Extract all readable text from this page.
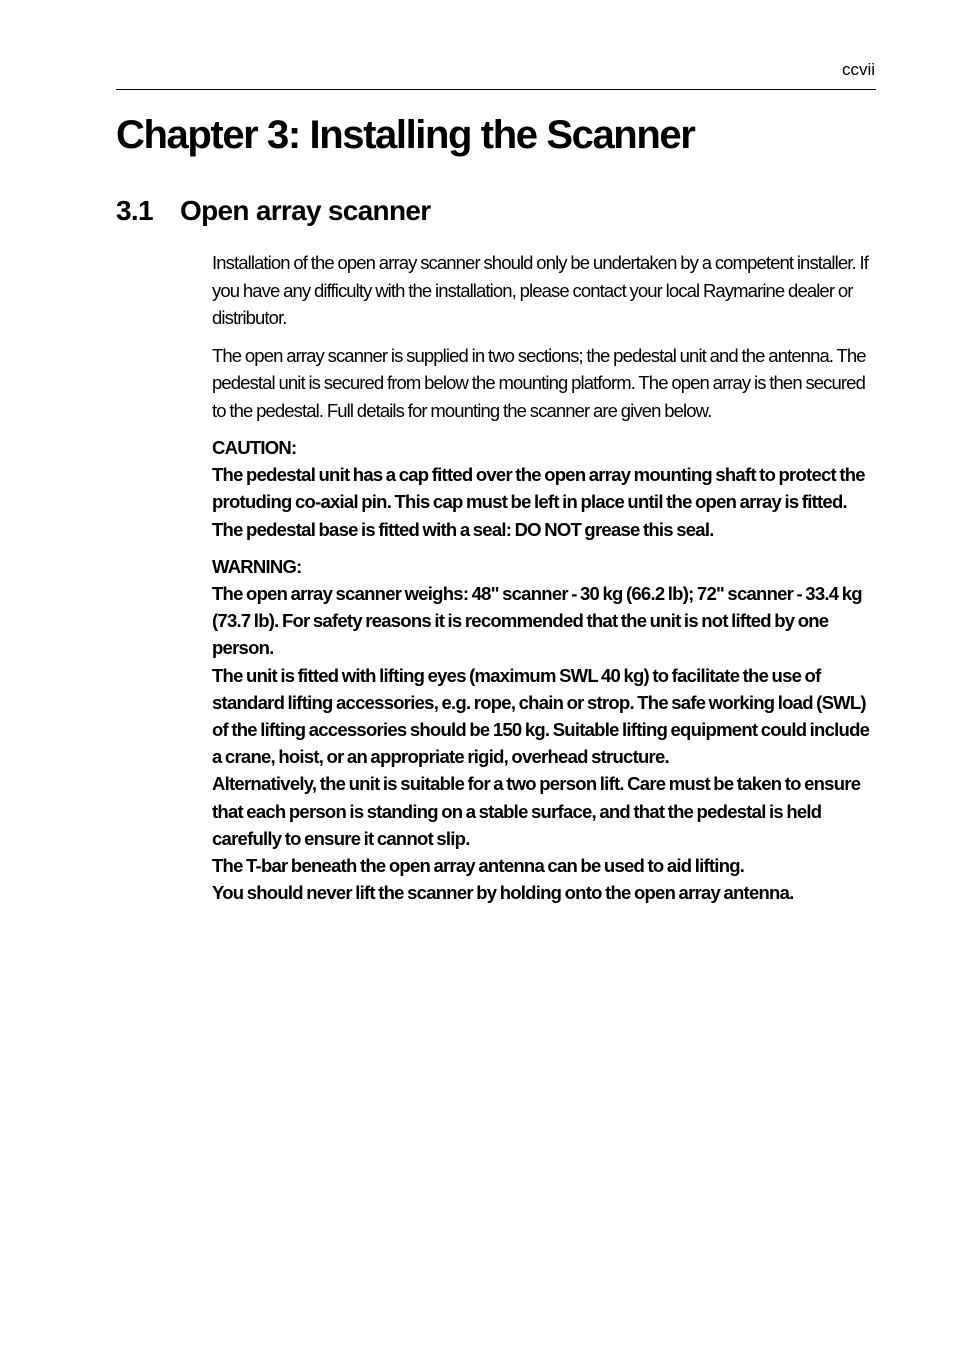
ccvii
Chapter 3: Installing the Scanner
3.1 Open array scanner

Installation of the open array scanner should only be undertaken by a competent installer. If you have any difficulty with the installation, please contact your local Raymarine dealer or distributor.

The open array scanner is supplied in two sections; the pedestal unit and the antenna. The pedestal unit is secured from below the mounting platform. The open array is then secured to the pedestal. Full details for mounting the scanner are given below.

CAUTION:
The pedestal unit has a cap fitted over the open array mounting shaft to protect the protuding co-axial pin. This cap must be left in place until the open array is fitted.
The pedestal base is fitted with a seal: DO NOT grease this seal.
WARNING:
The open array scanner weighs: 48" scanner - 30 kg (66.2 lb); 72" scanner - 33.4 kg (73.7 lb). For safety reasons it is recommended that the unit is not lifted by one person.
The unit is fitted with lifting eyes (maximum SWL 40 kg) to facilitate the use of standard lifting accessories, e.g. rope, chain or strop. The safe working load (SWL) of the lifting accessories should be 150 kg. Suitable lifting equipment could include a crane, hoist, or an appropriate rigid, overhead structure.
Alternatively, the unit is suitable for a two person lift. Care must be taken to ensure that each person is standing on a stable surface, and that the pedestal is held carefully to ensure it cannot slip.
The T-bar beneath the open array antenna can be used to aid lifting.
You should never lift the scanner by holding onto the open array antenna.
